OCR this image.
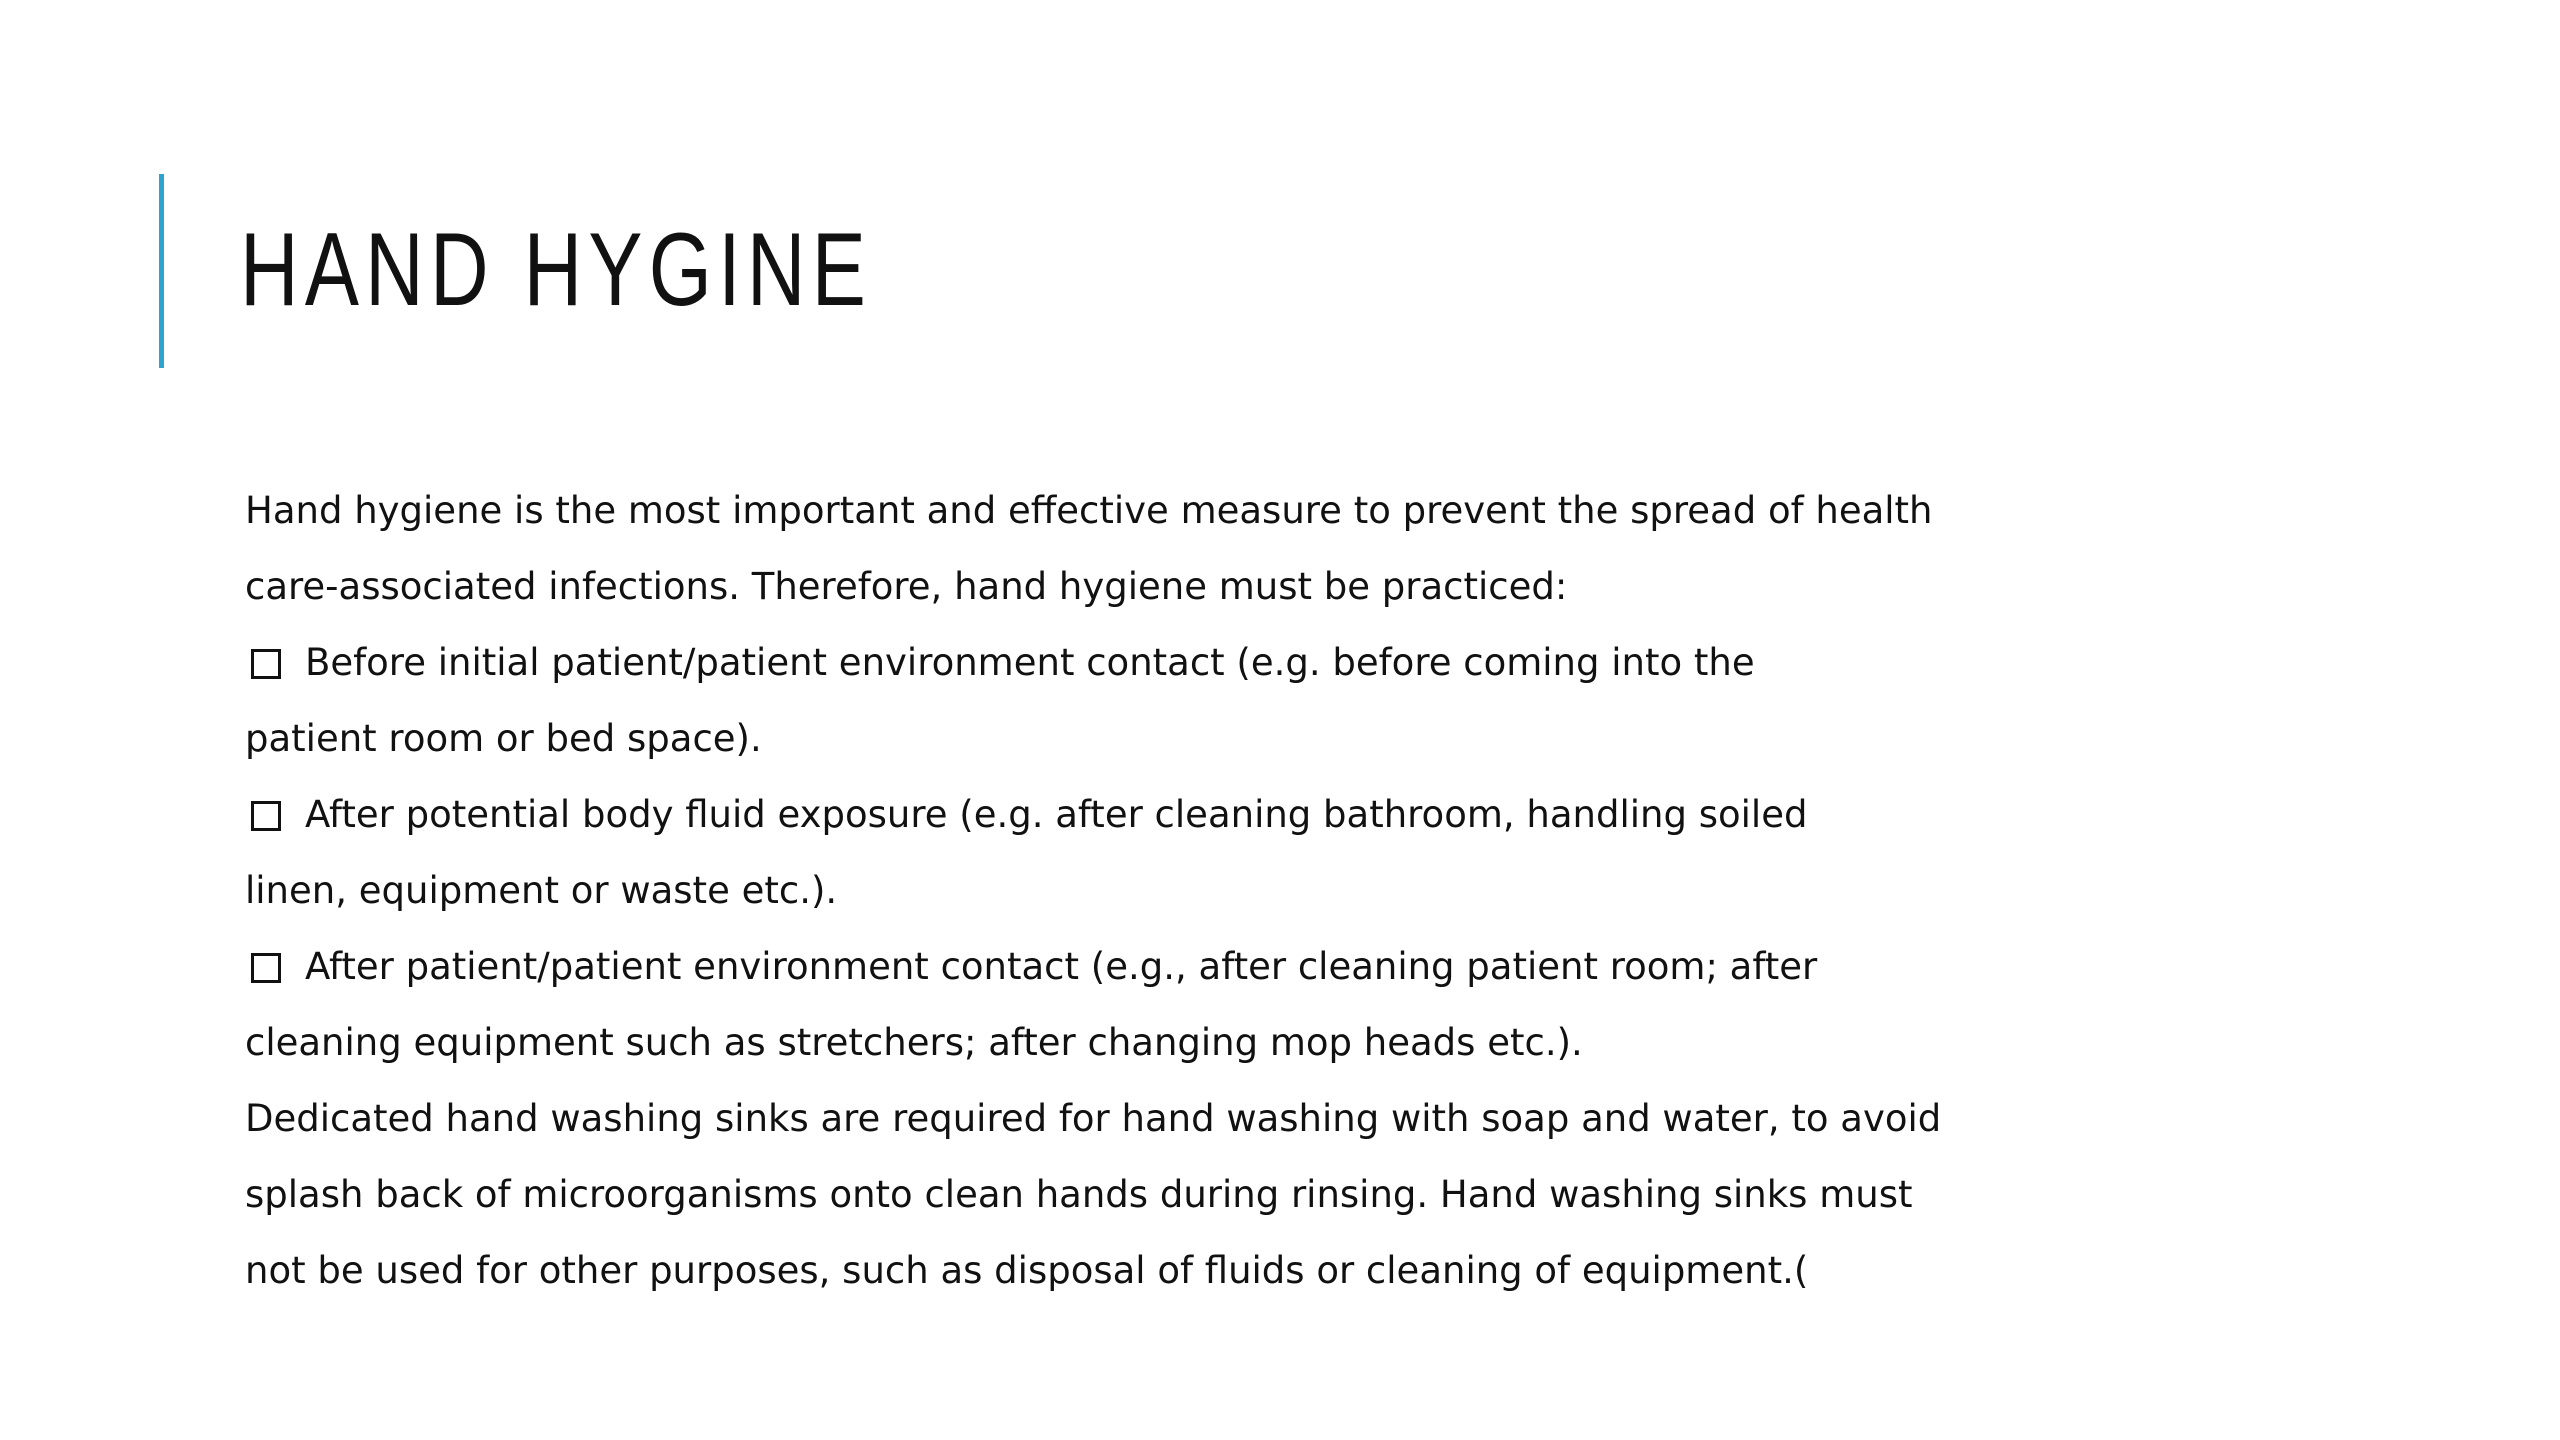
HAND HYGINE
Hand hygiene is the most important and effective measure to prevent the spread of health
care-associated infections. Therefore, hand hygiene must be practiced:
Before initial patient/patient environment contact (e.g. before coming into the
patient room or bed space).
After potential body fluid exposure (e.g. after cleaning bathroom, handling soiled
linen, equipment or waste etc.).
After patient/patient environment contact (e.g., after cleaning patient room; after
cleaning equipment such as stretchers; after changing mop heads etc.).
Dedicated hand washing sinks are required for hand washing with soap and water, to avoid
splash back of microorganisms onto clean hands during rinsing. Hand washing sinks must
not be used for other purposes, such as disposal of fluids or cleaning of equipment.(
